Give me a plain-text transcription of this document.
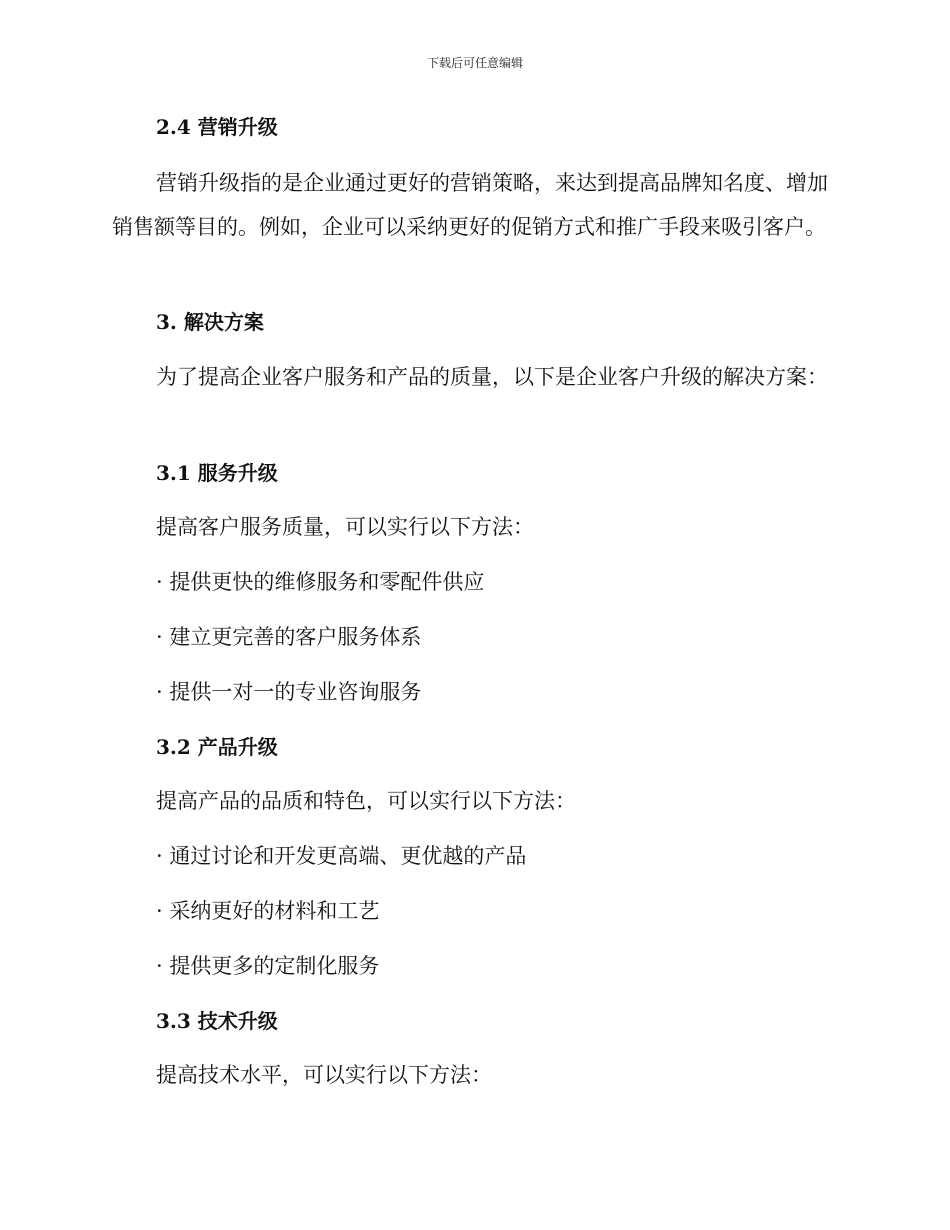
下载后可任意编辑
2.4 营销升级
营销升级指的是企业通过更好的营销策略，来达到提高品牌知名度、增加销售额等目的。例如，企业可以采纳更好的促销方式和推广手段来吸引客户。
3. 解决方案
为了提高企业客户服务和产品的质量，以下是企业客户升级的解决方案：
3.1 服务升级
提高客户服务质量，可以实行以下方法：
· 提供更快的维修服务和零配件供应
· 建立更完善的客户服务体系
· 提供一对一的专业咨询服务
3.2 产品升级
提高产品的品质和特色，可以实行以下方法：
· 通过讨论和开发更高端、更优越的产品
· 采纳更好的材料和工艺
· 提供更多的定制化服务
3.3 技术升级
提高技术水平，可以实行以下方法：
